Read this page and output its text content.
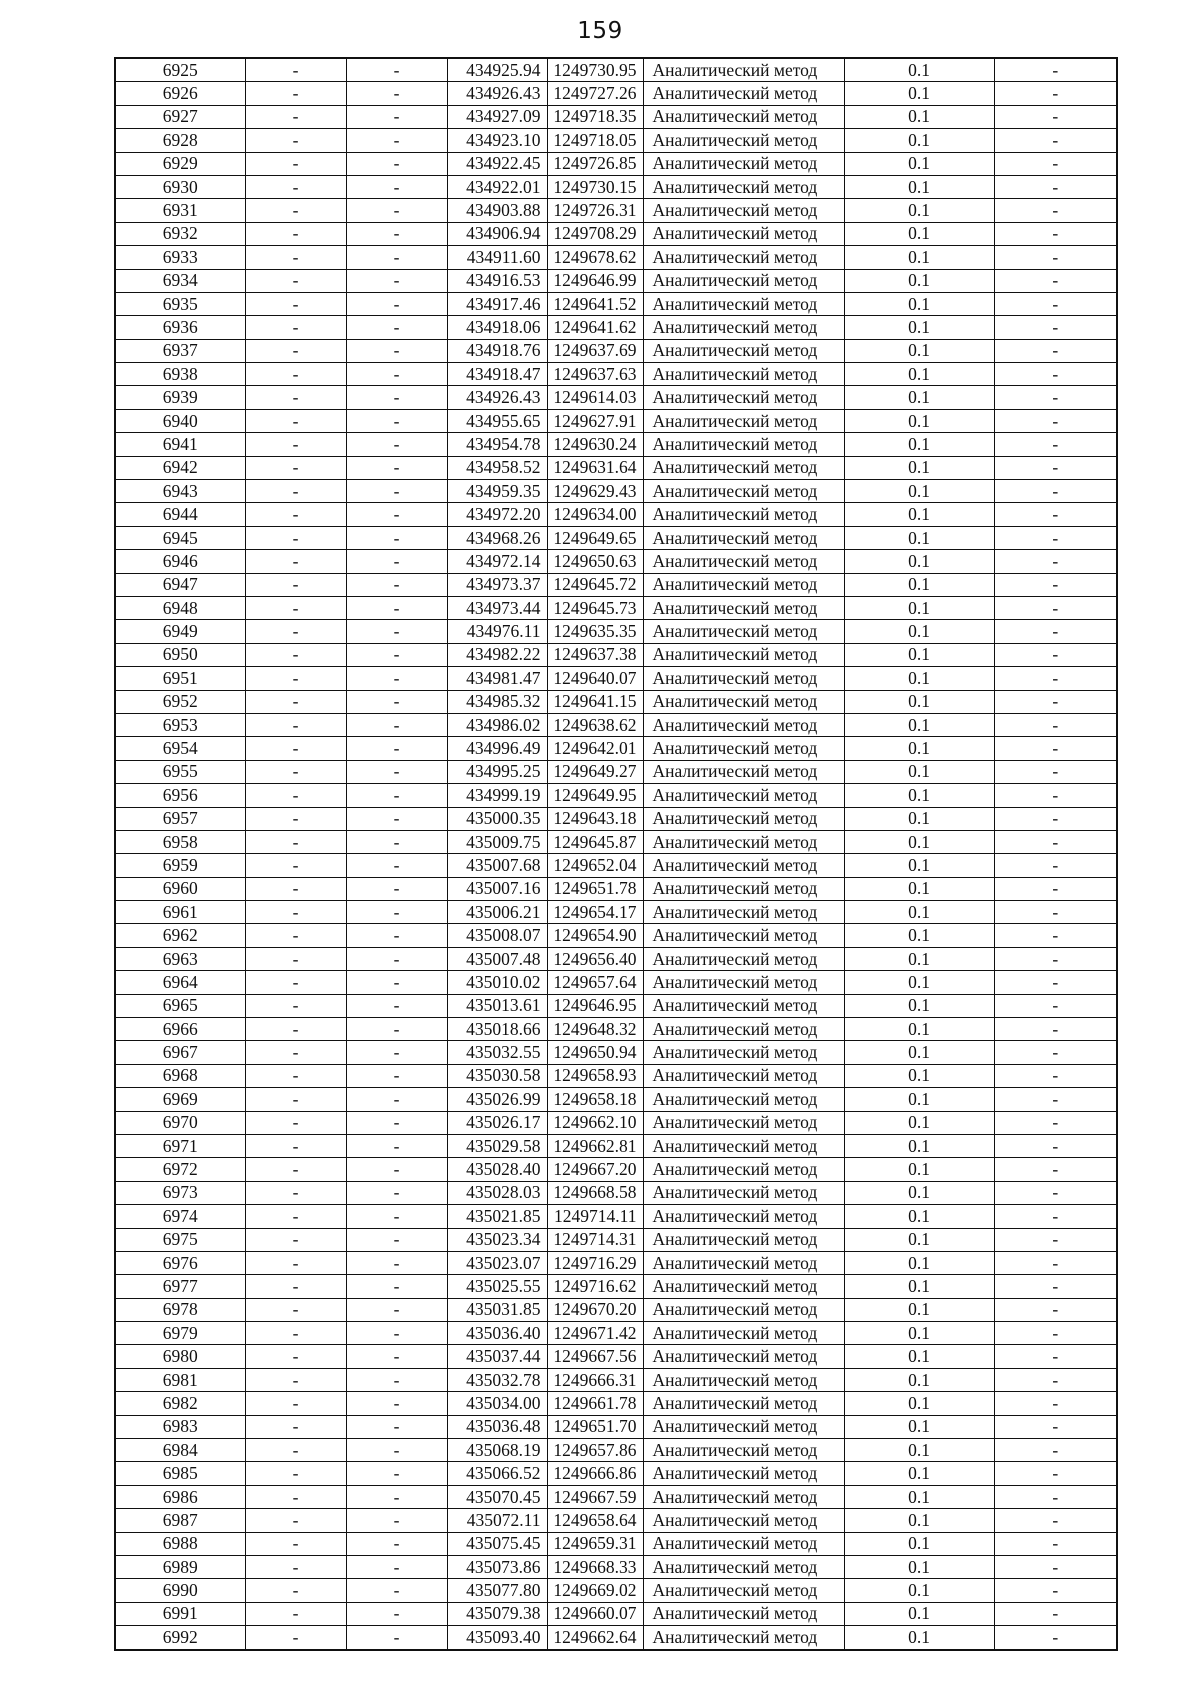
159
6925	-	-	434925.94	1249730.95	Аналитический метод	0.1	-
6926	-	-	434926.43	1249727.26	Аналитический метод	0.1	-
6927	-	-	434927.09	1249718.35	Аналитический метод	0.1	-
6928	-	-	434923.10	1249718.05	Аналитический метод	0.1	-
6929	-	-	434922.45	1249726.85	Аналитический метод	0.1	-
6930	-	-	434922.01	1249730.15	Аналитический метод	0.1	-
6931	-	-	434903.88	1249726.31	Аналитический метод	0.1	-
6932	-	-	434906.94	1249708.29	Аналитический метод	0.1	-
6933	-	-	434911.60	1249678.62	Аналитический метод	0.1	-
6934	-	-	434916.53	1249646.99	Аналитический метод	0.1	-
6935	-	-	434917.46	1249641.52	Аналитический метод	0.1	-
6936	-	-	434918.06	1249641.62	Аналитический метод	0.1	-
6937	-	-	434918.76	1249637.69	Аналитический метод	0.1	-
6938	-	-	434918.47	1249637.63	Аналитический метод	0.1	-
6939	-	-	434926.43	1249614.03	Аналитический метод	0.1	-
6940	-	-	434955.65	1249627.91	Аналитический метод	0.1	-
6941	-	-	434954.78	1249630.24	Аналитический метод	0.1	-
6942	-	-	434958.52	1249631.64	Аналитический метод	0.1	-
6943	-	-	434959.35	1249629.43	Аналитический метод	0.1	-
6944	-	-	434972.20	1249634.00	Аналитический метод	0.1	-
6945	-	-	434968.26	1249649.65	Аналитический метод	0.1	-
6946	-	-	434972.14	1249650.63	Аналитический метод	0.1	-
6947	-	-	434973.37	1249645.72	Аналитический метод	0.1	-
6948	-	-	434973.44	1249645.73	Аналитический метод	0.1	-
6949	-	-	434976.11	1249635.35	Аналитический метод	0.1	-
6950	-	-	434982.22	1249637.38	Аналитический метод	0.1	-
6951	-	-	434981.47	1249640.07	Аналитический метод	0.1	-
6952	-	-	434985.32	1249641.15	Аналитический метод	0.1	-
6953	-	-	434986.02	1249638.62	Аналитический метод	0.1	-
6954	-	-	434996.49	1249642.01	Аналитический метод	0.1	-
6955	-	-	434995.25	1249649.27	Аналитический метод	0.1	-
6956	-	-	434999.19	1249649.95	Аналитический метод	0.1	-
6957	-	-	435000.35	1249643.18	Аналитический метод	0.1	-
6958	-	-	435009.75	1249645.87	Аналитический метод	0.1	-
6959	-	-	435007.68	1249652.04	Аналитический метод	0.1	-
6960	-	-	435007.16	1249651.78	Аналитический метод	0.1	-
6961	-	-	435006.21	1249654.17	Аналитический метод	0.1	-
6962	-	-	435008.07	1249654.90	Аналитический метод	0.1	-
6963	-	-	435007.48	1249656.40	Аналитический метод	0.1	-
6964	-	-	435010.02	1249657.64	Аналитический метод	0.1	-
6965	-	-	435013.61	1249646.95	Аналитический метод	0.1	-
6966	-	-	435018.66	1249648.32	Аналитический метод	0.1	-
6967	-	-	435032.55	1249650.94	Аналитический метод	0.1	-
6968	-	-	435030.58	1249658.93	Аналитический метод	0.1	-
6969	-	-	435026.99	1249658.18	Аналитический метод	0.1	-
6970	-	-	435026.17	1249662.10	Аналитический метод	0.1	-
6971	-	-	435029.58	1249662.81	Аналитический метод	0.1	-
6972	-	-	435028.40	1249667.20	Аналитический метод	0.1	-
6973	-	-	435028.03	1249668.58	Аналитический метод	0.1	-
6974	-	-	435021.85	1249714.11	Аналитический метод	0.1	-
6975	-	-	435023.34	1249714.31	Аналитический метод	0.1	-
6976	-	-	435023.07	1249716.29	Аналитический метод	0.1	-
6977	-	-	435025.55	1249716.62	Аналитический метод	0.1	-
6978	-	-	435031.85	1249670.20	Аналитический метод	0.1	-
6979	-	-	435036.40	1249671.42	Аналитический метод	0.1	-
6980	-	-	435037.44	1249667.56	Аналитический метод	0.1	-
6981	-	-	435032.78	1249666.31	Аналитический метод	0.1	-
6982	-	-	435034.00	1249661.78	Аналитический метод	0.1	-
6983	-	-	435036.48	1249651.70	Аналитический метод	0.1	-
6984	-	-	435068.19	1249657.86	Аналитический метод	0.1	-
6985	-	-	435066.52	1249666.86	Аналитический метод	0.1	-
6986	-	-	435070.45	1249667.59	Аналитический метод	0.1	-
6987	-	-	435072.11	1249658.64	Аналитический метод	0.1	-
6988	-	-	435075.45	1249659.31	Аналитический метод	0.1	-
6989	-	-	435073.86	1249668.33	Аналитический метод	0.1	-
6990	-	-	435077.80	1249669.02	Аналитический метод	0.1	-
6991	-	-	435079.38	1249660.07	Аналитический метод	0.1	-
6992	-	-	435093.40	1249662.64	Аналитический метод	0.1	-
